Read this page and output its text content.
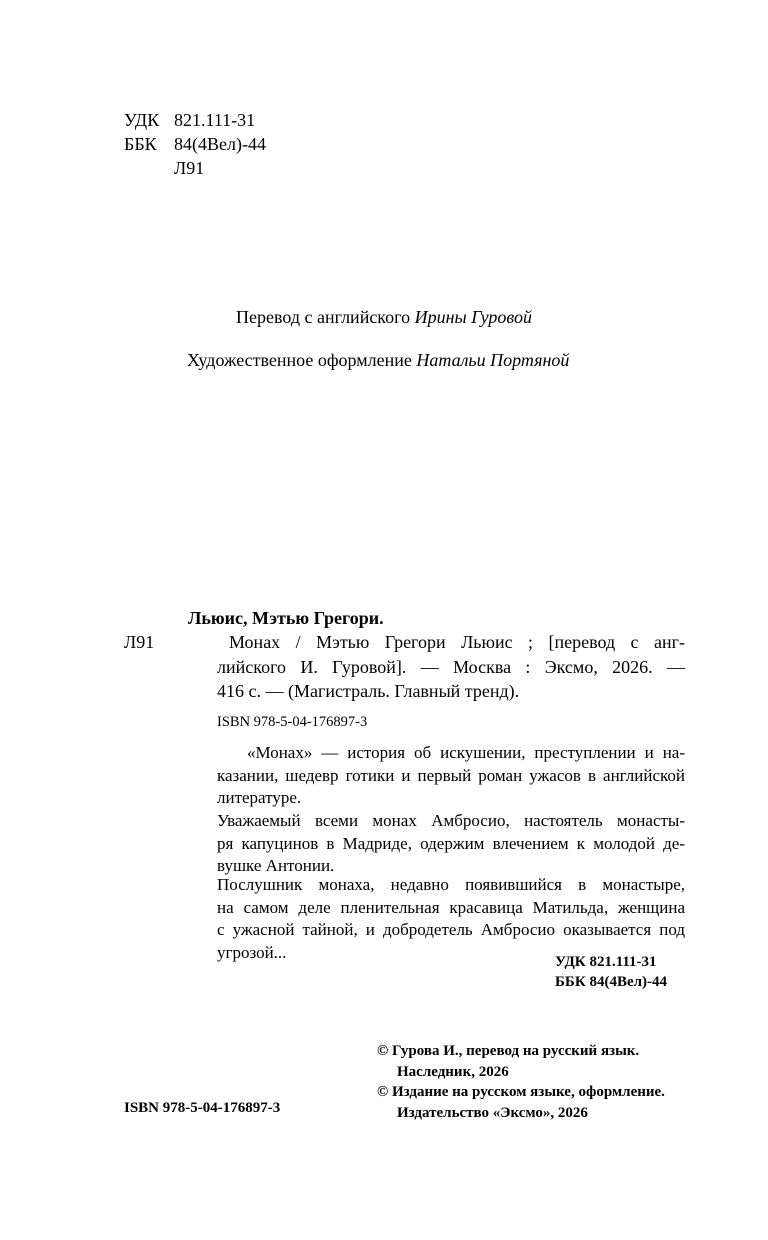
УДК 821.111-31
ББК 84(4Вел)-44
Л91
Перевод с английского Ирины Гуровой
Художественное оформление Натальи Портяной
Льюис, Мэтью Грегори.
Л91	Монах / Мэтью Грегори Льюис ; [перевод с анг-
лийского И. Гуровой]. — Москва : Эксмо, 2026. —
416 с. — (Магистраль. Главный тренд).
ISBN 978-5-04-176897-3
«Монах» — история об искушении, преступлении и на-
казании, шедевр готики и первый роман ужасов в английской
литературе.
Уважаемый всеми монах Амбросио, настоятель монасты-
ря капуцинов в Мадриде, одержим влечением к молодой де-
вушке Антонии.
Послушник монаха, недавно появившийся в монастыре,
на самом деле пленительная красавица Матильда, женщина
с ужасной тайной, и добродетель Амбросио оказывается под
угрозой...
УДК 821.111-31
ББК 84(4Вел)-44
© Гурова И., перевод на русский язык.
Наследник, 2026
© Издание на русском языке, оформление.
Издательство «Эксмо», 2026
ISBN 978-5-04-176897-3
